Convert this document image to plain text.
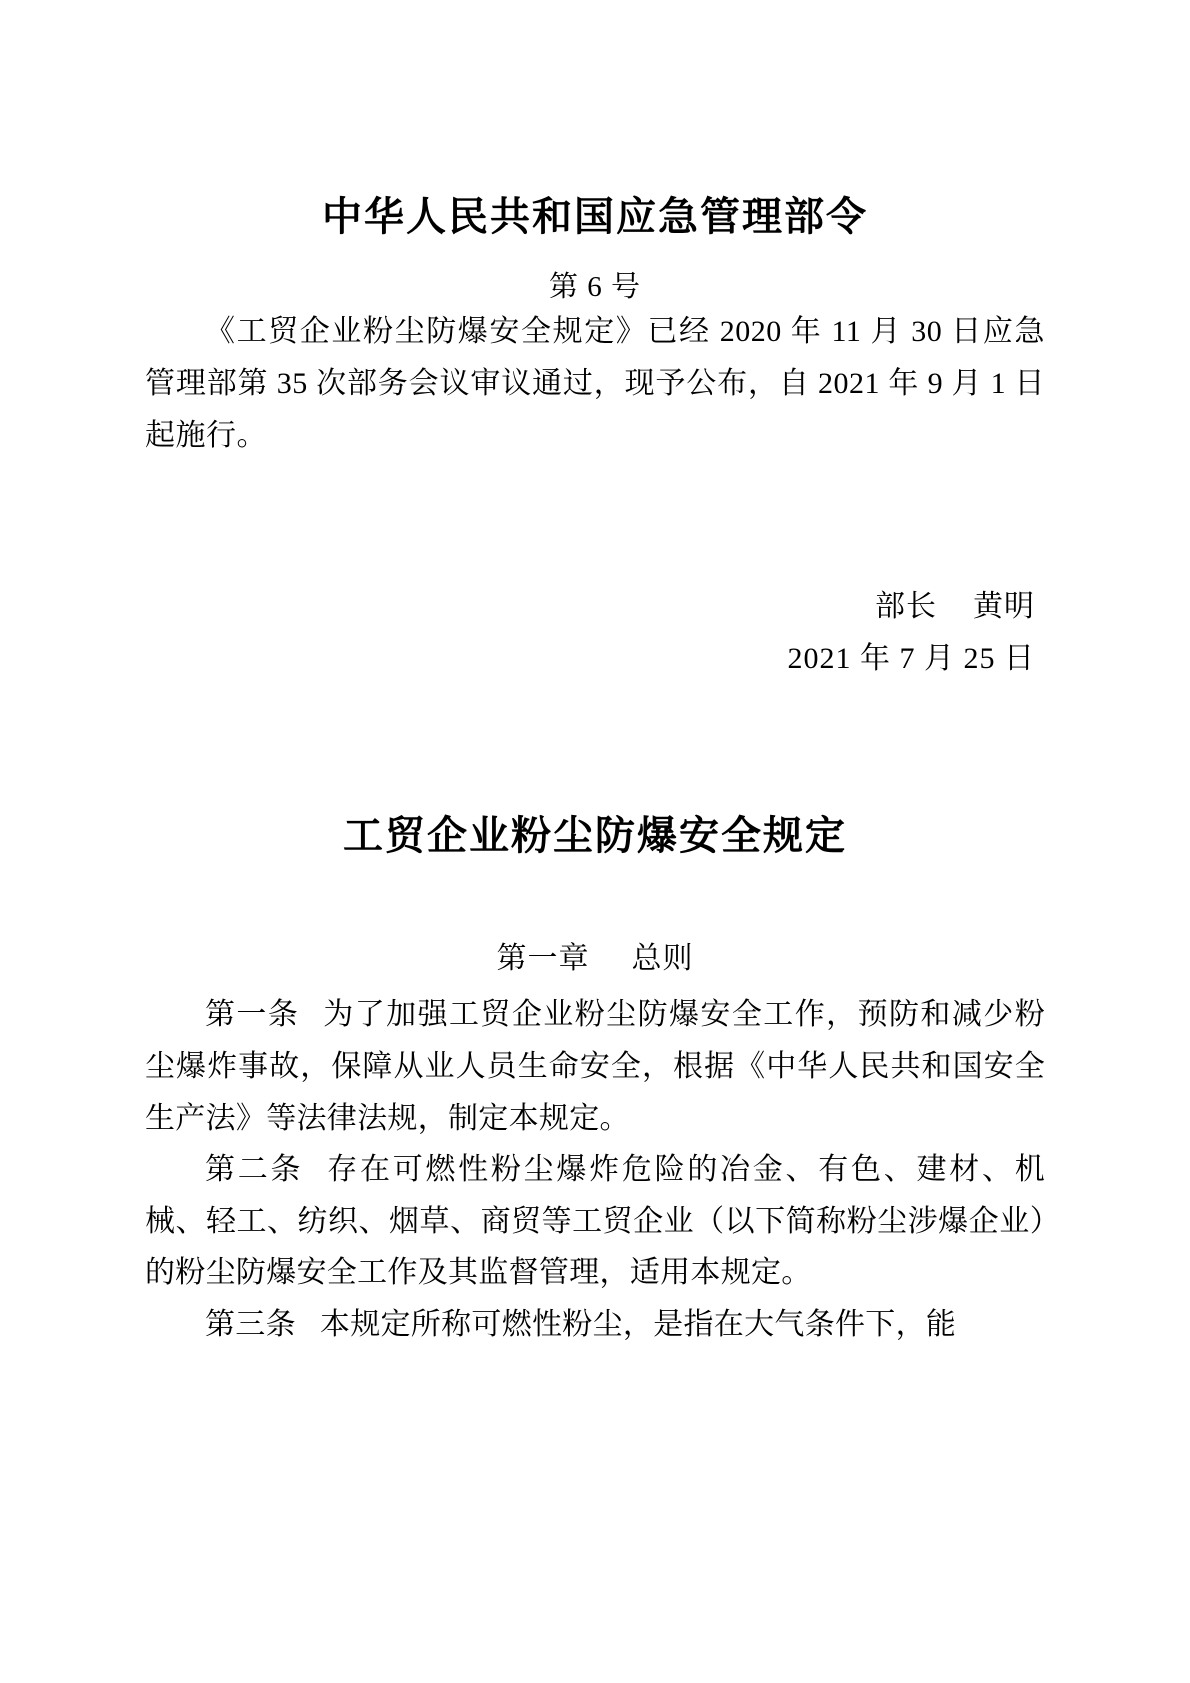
中华人民共和国应急管理部令
第 6 号

《工贸企业粉尘防爆安全规定》已经 2020 年 11 月 30 日应急管理部第 35 次部务会议审议通过，现予公布，自 2021 年 9 月 1 日起施行。

部长 黄明
2021 年 7 月 25 日
工贸企业粉尘防爆安全规定
第一章 总则

第一条 为了加强工贸企业粉尘防爆安全工作，预防和减少粉尘爆炸事故，保障从业人员生命安全，根据《中华人民共和国安全生产法》等法律法规，制定本规定。

第二条 存在可燃性粉尘爆炸危险的冶金、有色、建材、机械、轻工、纺织、烟草、商贸等工贸企业（以下简称粉尘涉爆企业）的粉尘防爆安全工作及其监督管理，适用本规定。

第三条 本规定所称可燃性粉尘，是指在大气条件下，能
